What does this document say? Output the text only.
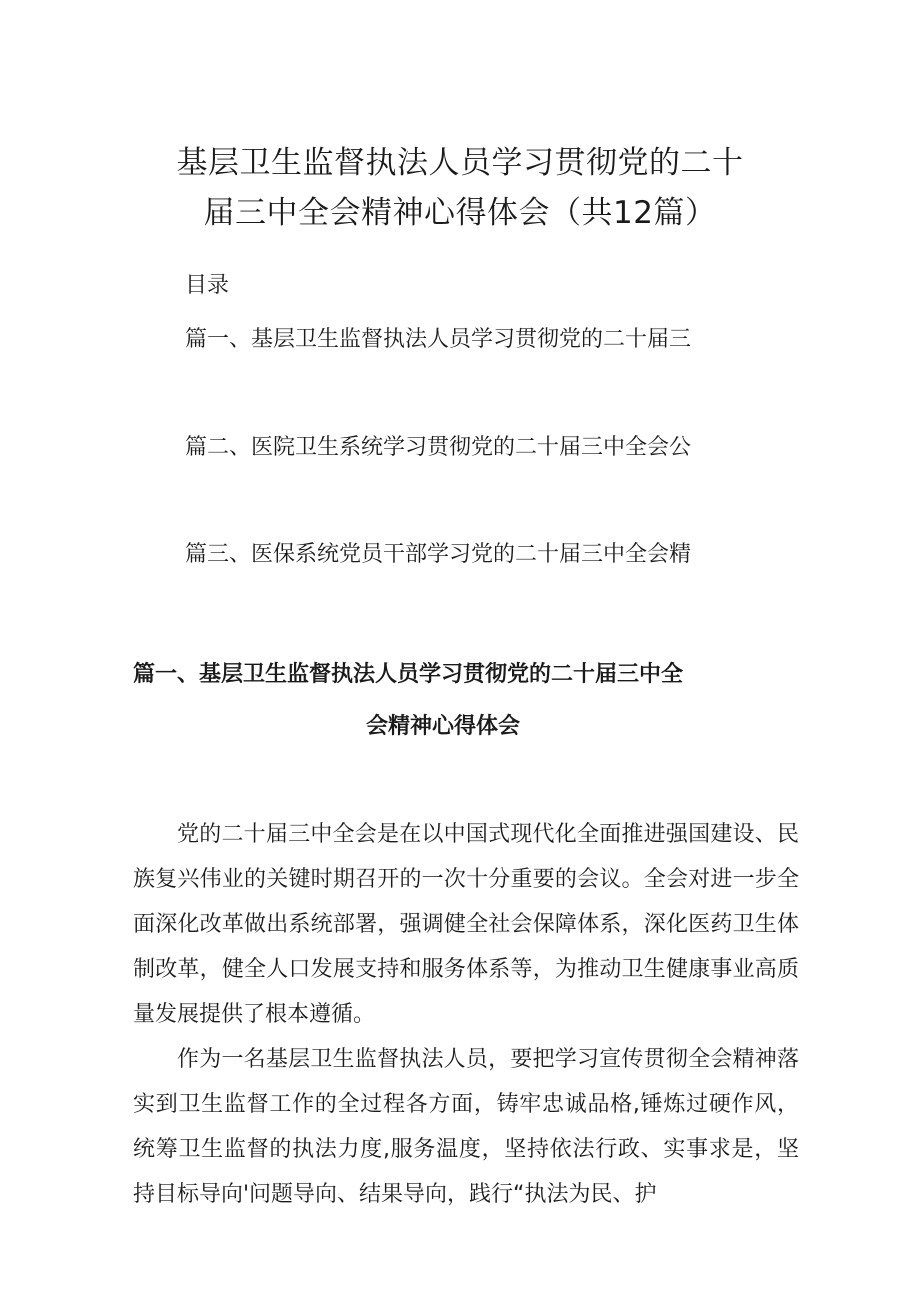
基层卫生监督执法人员学习贯彻党的二十
届三中全会精神心得体会（共12篇）
目录
篇一、基层卫生监督执法人员学习贯彻党的二十届三
篇二、医院卫生系统学习贯彻党的二十届三中全会公
篇三、医保系统党员干部学习党的二十届三中全会精
篇一、基层卫生监督执法人员学习贯彻党的二十届三中全
会精神心得体会

党的二十届三中全会是在以中国式现代化全面推进强国建设、民族复兴伟业的关键时期召开的一次十分重要的会议。全会对进一步全面深化改革做出系统部署，强调健全社会保障体系，深化医药卫生体制改革，健全人口发展支持和服务体系等，为推动卫生健康事业高质量发展提供了根本遵循。

作为一名基层卫生监督执法人员，要把学习宣传贯彻全会精神落实到卫生监督工作的全过程各方面，铸牢忠诚品格,锤炼过硬作风，统筹卫生监督的执法力度,服务温度，坚持依法行政、实事求是，坚持目标导向'问题导向、结果导向，践行“执法为民、护
